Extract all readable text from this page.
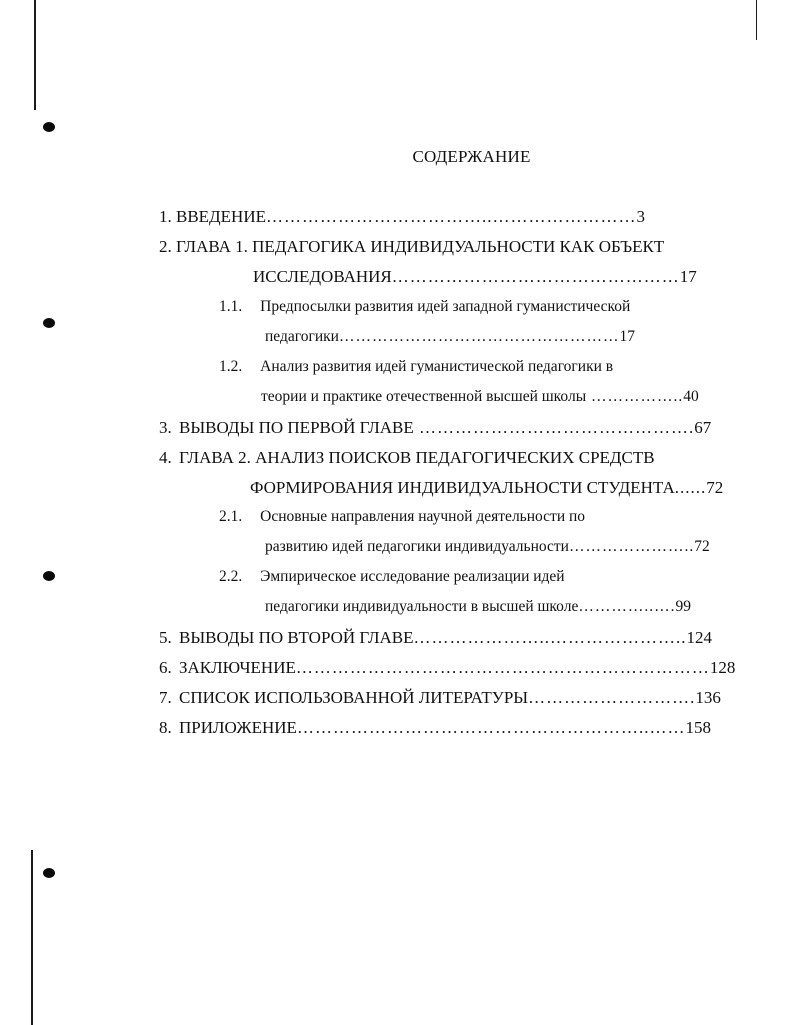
СОДЕРЖАНИЕ
1. ВВЕДЕНИЕ………………………………..……………………3
2. ГЛАВА 1. ПЕДАГОГИКА ИНДИВИДУАЛЬНОСТИ КАК ОБЪЕКТ
ИССЛЕДОВАНИЯ…………………………………………17
1.1. Предпосылки развития идей западной гуманистической
педагогики……………………………………………17
1.2. Анализ развития идей гуманистической педагогики в
теории и практике отечественной высшей школы ……………..40
3. ВЫВОДЫ ПО ПЕРВОЙ ГЛАВЕ ……………………………………….67
4. ГЛАВА 2. АНАЛИЗ ПОИСКОВ ПЕДАГОГИЧЕСКИХ СРЕДСТВ
ФОРМИРОВАНИЯ ИНДИВИДУАЛЬНОСТИ СТУДЕНТА......72
2.1. Основные направления научной деятельности по
развитию идей педагогики индивидуальности…………………..72
2.2. Эмпирическое исследование реализации идей
педагогики индивидуальности в высшей школе…………..….99
5. ВЫВОДЫ ПО ВТОРОЙ ГЛАВЕ…………………..…………………..124
6. ЗАКЛЮЧЕНИЕ……………………………………………………………128
7. СПИСОК ИСПОЛЬЗОВАННОЙ ЛИТЕРАТУРЫ……………………….136
8. ПРИЛОЖЕНИЕ…………………………………………………..……158
